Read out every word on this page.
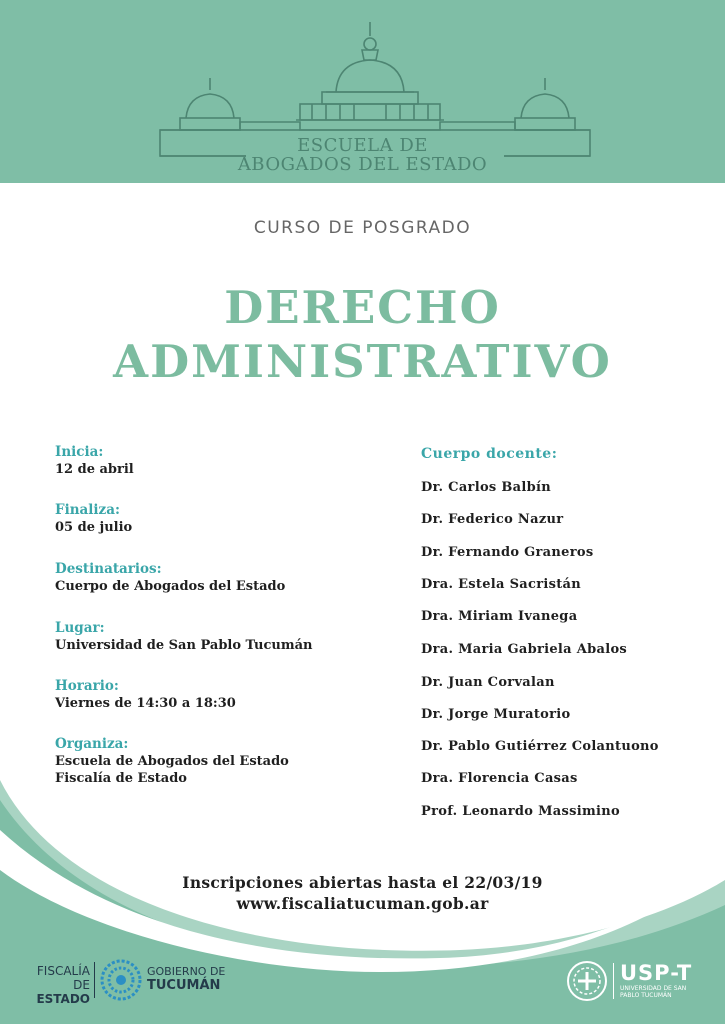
ESCUELA DE
ABOGADOS DEL ESTADO
CURSO DE POSGRADO
DERECHO
ADMINISTRATIVO
Inscripciones abiertas hasta el 22/03/19
www.fiscaliatucuman.gob.ar
Inicia:
12 de abril
Finaliza:
05 de julio
Destinatarios:
Cuerpo de Abogados del Estado
Lugar:
Universidad de San Pablo Tucumán
Horario:
Viernes de 14:30 a 18:30
Organiza:
Escuela de Abogados del Estado
Fiscalía de Estado
Cuerpo docente:
Dr. Carlos Balbín
Dr. Federico Nazur
Dr. Fernando Graneros
Dra. Estela Sacristán
Dra. Miriam Ivanega
Dra. Maria Gabriela Abalos
Dr. Juan Corvalan
Dr. Jorge Muratorio
Dr. Pablo Gutiérrez Colantuono
Dra. Florencia Casas
Prof. Leonardo Massimino
FISCALÍA DE
ESTADO
GOBIERNO DE
TUCUMÁN
USP-T
UNIVERSIDAD DE SAN PABLO TUCUMÁN
